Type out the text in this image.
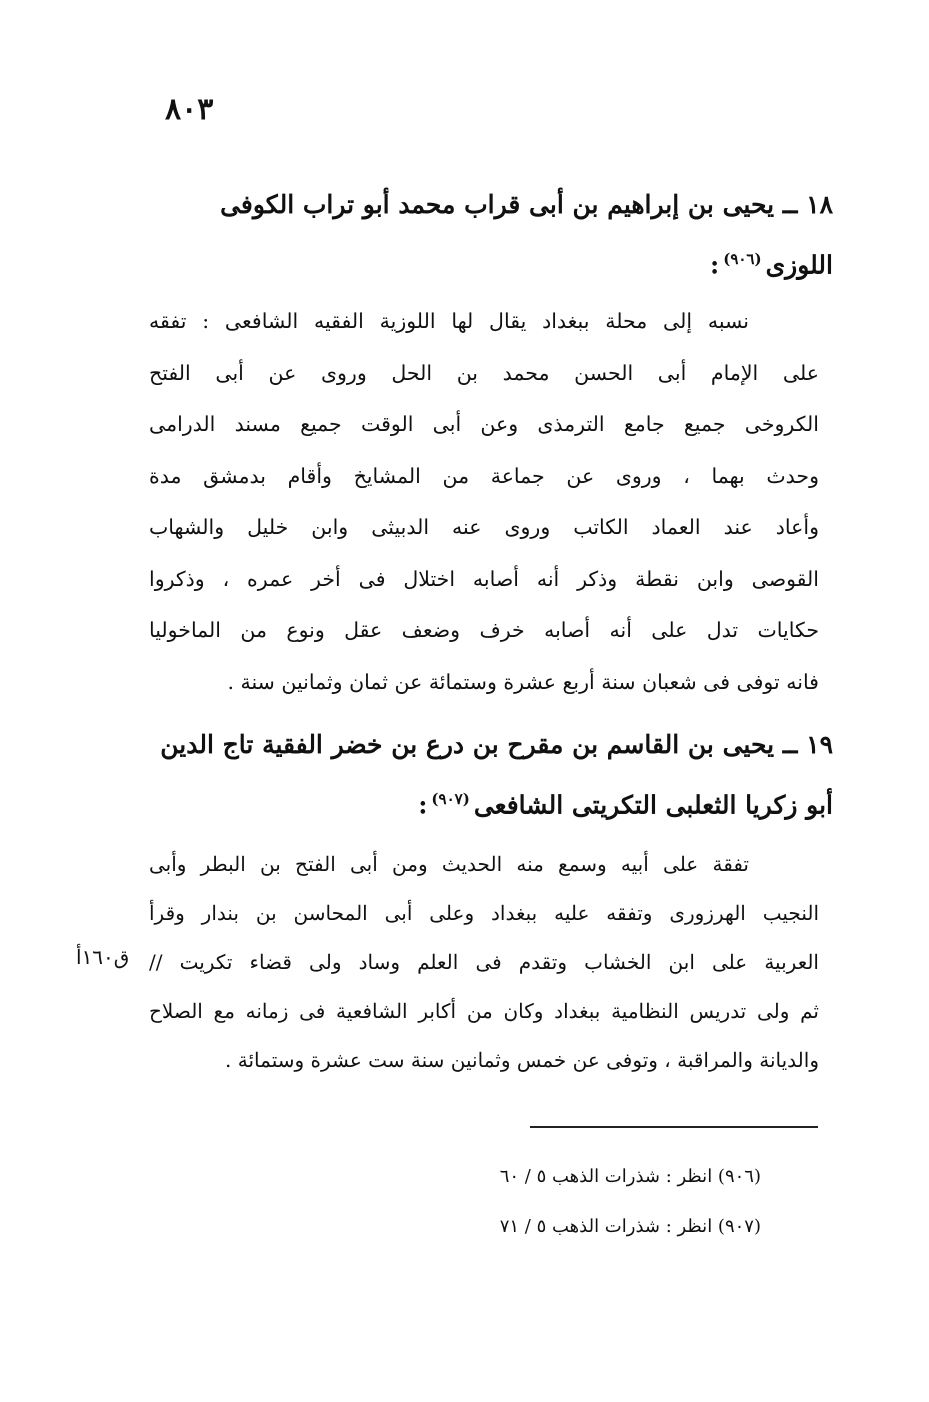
٨٠٣
١٨ ــ يحيى بن إبراهيم بن أبى قراب محمد أبو تراب الكوفى
اللوزى$^{(٩٠٦)}$:
نسبه إلى محلة ببغداد يقال لها اللوزية الفقيه الشافعى : تفقه
على الإمام أبى الحسن محمد بن الحل وروى عن أبى الفتح
الكروخى جميع جامع الترمذى وعن أبى الوقت جميع مسند الدرامى
وحدث بهما ، وروى عن جماعة من المشايخ وأقام بدمشق مدة
وأعاد عند العماد الكاتب وروى عنه الدبيثى وابن خليل والشهاب
القوصى وابن نقطة وذكر أنه أصابه اختلال فى أخر عمره ، وذكروا
حكايات تدل على أنه أصابه خرف وضعف عقل ونوع من الماخوليا
فانه توفى فى شعبان سنة أربع عشرة وستمائة عن ثمان وثمانين سنة .
١٩ ــ يحيى بن القاسم بن مقرح بن درع بن خضر الفقية تاج الدين
أبو زكريا الثعلبى التكريتى الشافعى$^{(٩٠٧)}$:
تفقة على أبيه وسمع منه الحديث ومن أبى الفتح بن البطر وأبى
النجيب الهرزورى وتفقه عليه ببغداد وعلى أبى المحاسن بن بندار وقرأ
العربية على ابن الخشاب وتقدم فى العلم وساد ولى قضاء تكريت //
ثم ولى تدريس النظامية ببغداد وكان من أكابر الشافعية فى زمانه مع الصلاح
والديانة والمراقبة ، وتوفى عن خمس وثمانين سنة ست عشرة وستمائة .
ق١٦٠أ
(٩٠٦) انظر : شذرات الذهب ٥ / ٦٠
(٩٠٧) انظر : شذرات الذهب ٥ / ٧١
